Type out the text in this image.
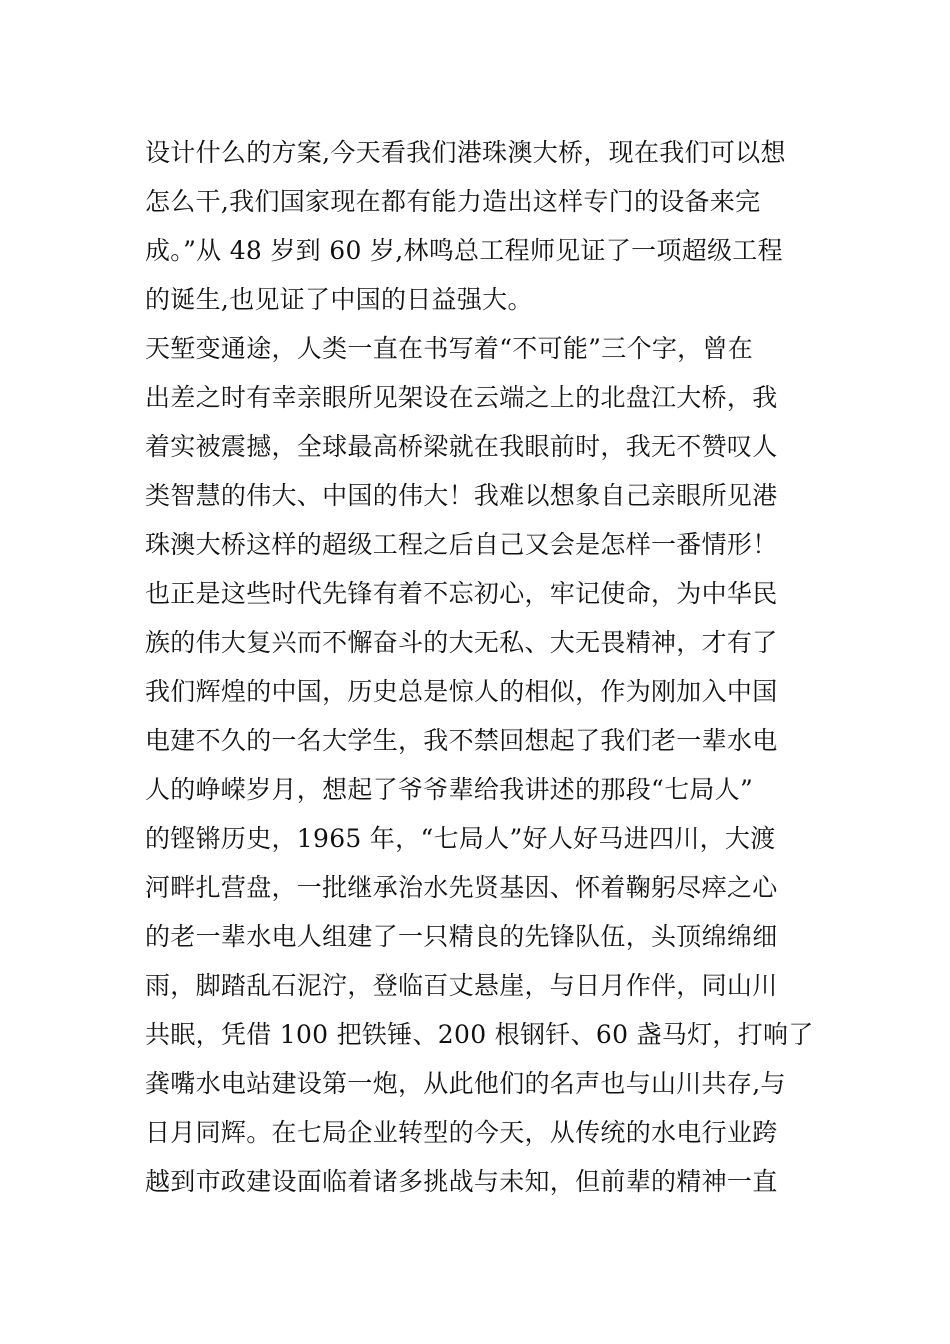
设计什么的方案,今天看我们港珠澳大桥，现在我们可以想
怎么干,我们国家现在都有能力造出这样专门的设备来完
成。”从 48 岁到 60 岁,林鸣总工程师见证了一项超级工程
的诞生,也见证了中国的日益强大。
天堑变通途，人类一直在书写着“不可能”三个字，曾在
出差之时有幸亲眼所见架设在云端之上的北盘江大桥，我
着实被震撼，全球最高桥梁就在我眼前时，我无不赞叹人
类智慧的伟大、中国的伟大！我难以想象自己亲眼所见港
珠澳大桥这样的超级工程之后自己又会是怎样一番情形！
也正是这些时代先锋有着不忘初心，牢记使命，为中华民
族的伟大复兴而不懈奋斗的大无私、大无畏精神，才有了
我们辉煌的中国，历史总是惊人的相似，作为刚加入中国
电建不久的一名大学生，我不禁回想起了我们老一辈水电
人的峥嵘岁月，想起了爷爷辈给我讲述的那段“七局人”
的铿锵历史，1965 年，“七局人”好人好马进四川，大渡
河畔扎营盘，一批继承治水先贤基因、怀着鞠躬尽瘁之心
的老一辈水电人组建了一只精良的先锋队伍，头顶绵绵细
雨，脚踏乱石泥泞，登临百丈悬崖，与日月作伴，同山川
共眠，凭借 100 把铁锤、200 根钢钎、60 盏马灯，打响了
龚嘴水电站建设第一炮，从此他们的名声也与山川共存,与
日月同辉。在七局企业转型的今天，从传统的水电行业跨
越到市政建设面临着诸多挑战与未知，但前辈的精神一直
